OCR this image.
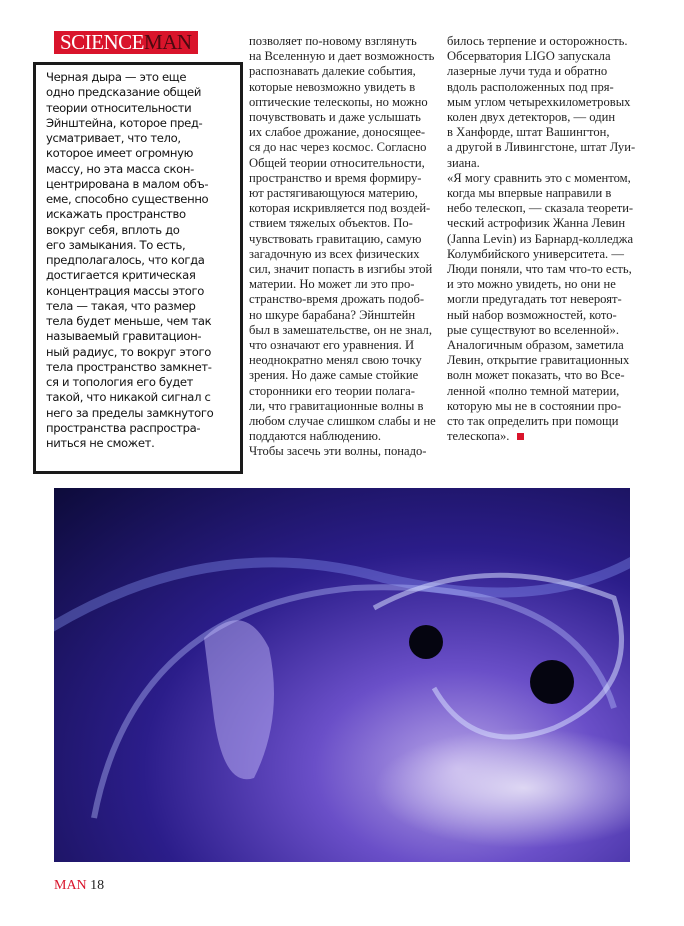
SCIENCEMAN
Черная дыра — это еще
одно предсказание общей
теории относительности
Эйнштейна, которое пред-
усматривает, что тело,
которое имеет огромную
массу, но эта масса скон-
центрирована в малом объ-
еме, способно существенно
искажать пространство
вокруг себя, вплоть до
его замыкания. То есть,
предполагалось, что когда
достигается критическая
концентрация массы этого
тела — такая, что размер
тела будет меньше, чем так
называемый гравитацион-
ный радиус, то вокруг этого
тела пространство замкнет-
ся и топология его будет
такой, что никакой сигнал с
него за пределы замкнутого
пространства распростра-
ниться не сможет.
позволяет по-новому взглянуть
на Вселенную и дает возможность
распознавать далекие события,
которые невозможно увидеть в
оптические телескопы, но можно
почувствовать и даже услышать
их слабое дрожание, доносящее-
ся до нас через космос. Согласно
Общей теории относительности,
пространство и время формиру-
ют растягивающуюся материю,
которая искривляется под воздей-
ствием тяжелых объектов. По-
чувствовать гравитацию, самую
загадочную из всех физических
сил, значит попасть в изгибы этой
материи. Но может ли это про-
странство-время дрожать подоб-
но шкуре барабана? Эйнштейн
был в замешательстве, он не знал,
что означают его уравнения. И
неоднократно менял свою точку
зрения. Но даже самые стойкие
сторонники его теории полага-
ли, что гравитационные волны в
любом случае слишком слабы и не
поддаются наблюдению.
Чтобы засечь эти волны, понадо-
билось терпение и осторожность.
Обсерватория LIGO запускала
лазерные лучи туда и обратно
вдоль расположенных под пря-
мым углом четырехкилометровых
колен двух детекторов, — один
в Ханфорде, штат Вашингтон,
а другой в Ливингстоне, штат Луи-
зиана.
«Я могу сравнить это с моментом,
когда мы впервые направили в
небо телескоп, — сказала теорети-
ческий астрофизик Жанна Левин
(Janna Levin) из Барнард-колледжа
Колумбийского университета. —
Люди поняли, что там что-то есть,
и это можно увидеть, но они не
могли предугадать тот невероят-
ный набор возможностей, кото-
рые существуют во вселенной».
Аналогичным образом, заметила
Левин, открытие гравитационных
волн может показать, что во Все-
ленной «полно темной материи,
которую мы не в состоянии про-
сто так определить при помощи
телескопа».
MAN 18
